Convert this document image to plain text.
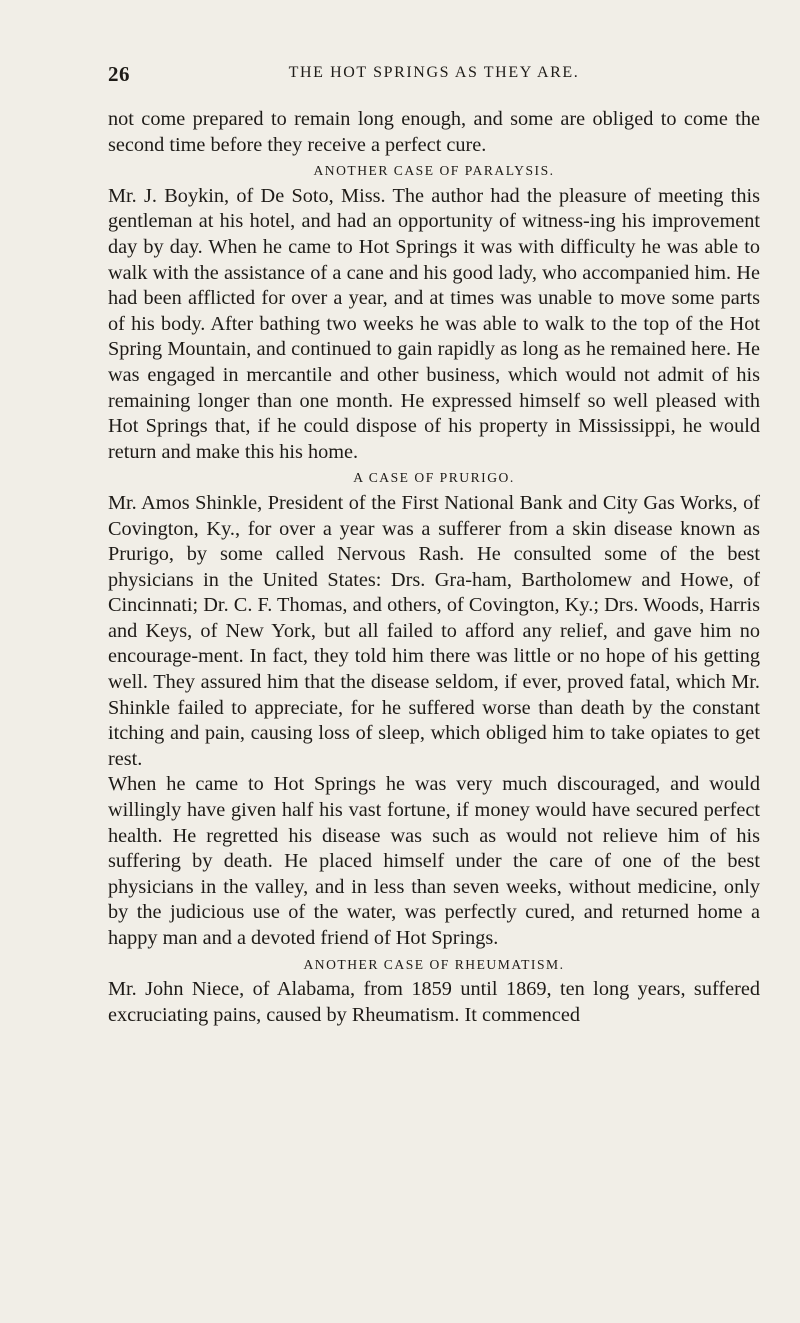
26	THE HOT SPRINGS AS THEY ARE.

not come prepared to remain long enough, and some are obliged to come the second time before they receive a perfect cure.

ANOTHER CASE OF PARALYSIS.

Mr. J. Boykin, of De Soto, Miss. The author had the pleasure of meeting this gentleman at his hotel, and had an opportunity of witness-ing his improvement day by day. When he came to Hot Springs it was with difficulty he was able to walk with the assistance of a cane and his good lady, who accompanied him. He had been afflicted for over a year, and at times was unable to move some parts of his body. After bathing two weeks he was able to walk to the top of the Hot Spring Mountain, and continued to gain rapidly as long as he remained here. He was engaged in mercantile and other business, which would not admit of his remaining longer than one month. He expressed himself so well pleased with Hot Springs that, if he could dispose of his property in Mississippi, he would return and make this his home.

A CASE OF PRURIGO.

Mr. Amos Shinkle, President of the First National Bank and City Gas Works, of Covington, Ky., for over a year was a sufferer from a skin disease known as Prurigo, by some called Nervous Rash. He consulted some of the best physicians in the United States: Drs. Gra-ham, Bartholomew and Howe, of Cincinnati; Dr. C. F. Thomas, and others, of Covington, Ky.; Drs. Woods, Harris and Keys, of New York, but all failed to afford any relief, and gave him no encourage-ment. In fact, they told him there was little or no hope of his getting well. They assured him that the disease seldom, if ever, proved fatal, which Mr. Shinkle failed to appreciate, for he suffered worse than death by the constant itching and pain, causing loss of sleep, which obliged him to take opiates to get rest.

When he came to Hot Springs he was very much discouraged, and would willingly have given half his vast fortune, if money would have secured perfect health. He regretted his disease was such as would not relieve him of his suffering by death. He placed himself under the care of one of the best physicians in the valley, and in less than seven weeks, without medicine, only by the judicious use of the water, was perfectly cured, and returned home a happy man and a devoted friend of Hot Springs.

ANOTHER CASE OF RHEUMATISM.

Mr. John Niece, of Alabama, from 1859 until 1869, ten long years, suffered excruciating pains, caused by Rheumatism. It commenced
